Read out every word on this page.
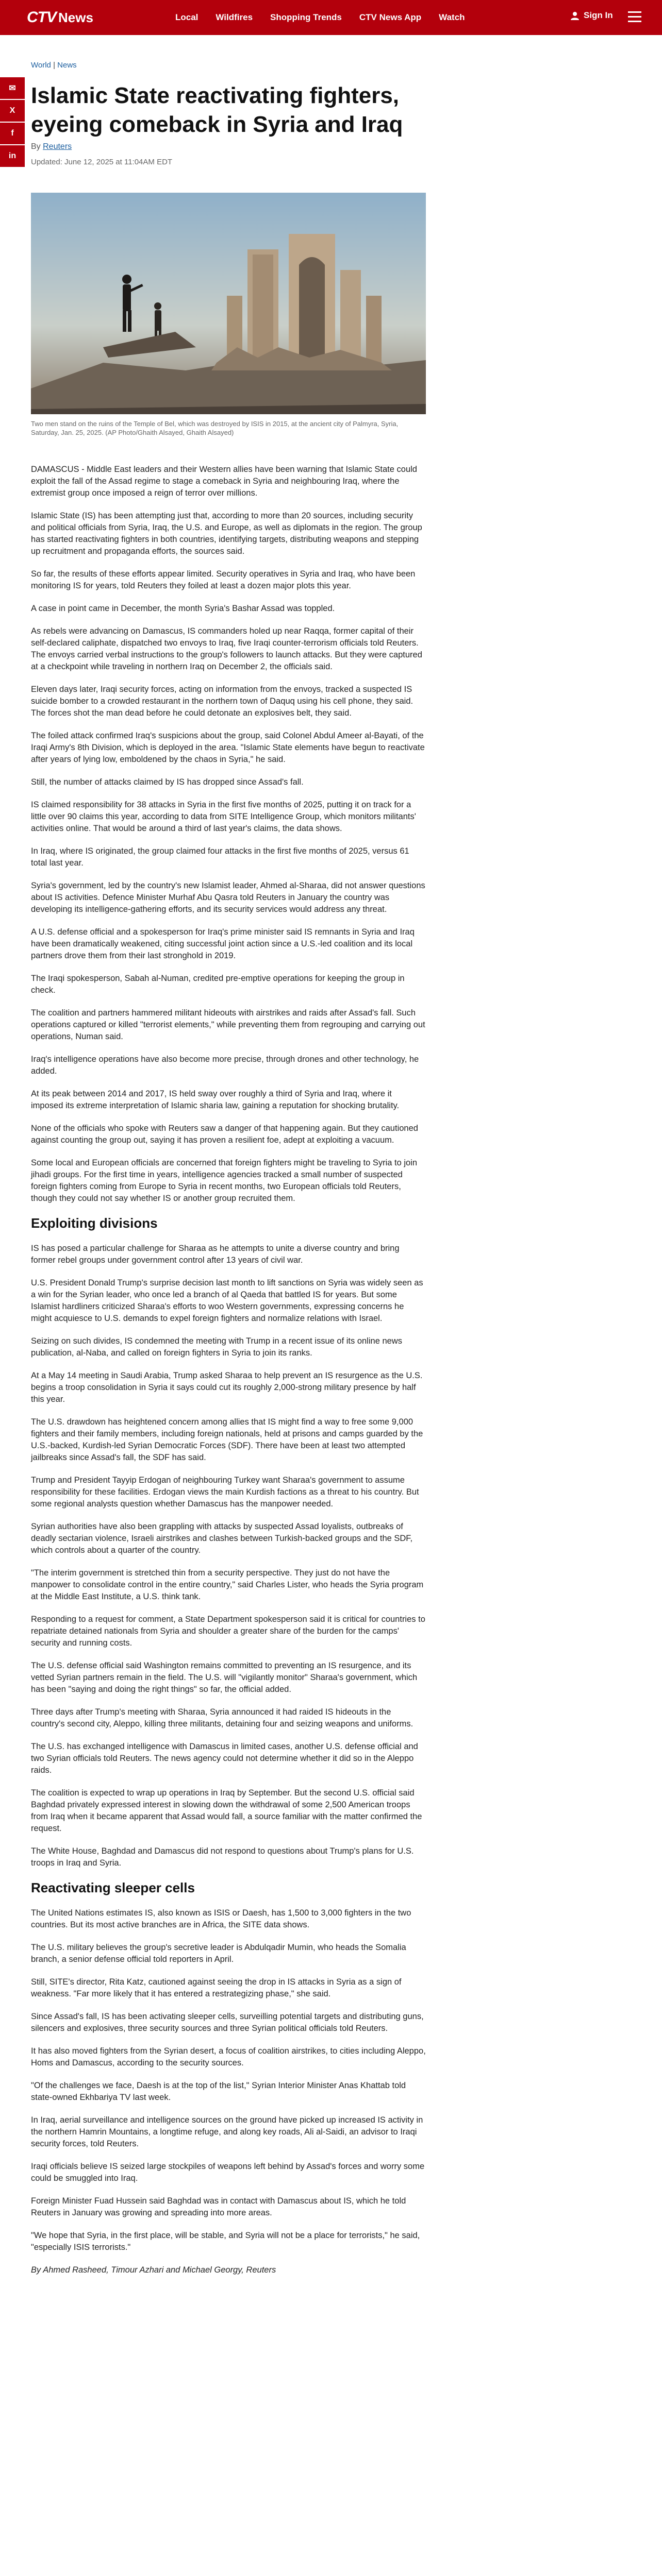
CTV News	Local Wildfires Shopping Trends CTV News App Watch	Sign In
World | News
✉
X
f
in
Islamic State reactivating fighters, eyeing comeback in Syria and Iraq
By Reuters
Updated: June 12, 2025 at 11:04AM EDT
Two men stand on the ruins of the Temple of Bel, which was destroyed by ISIS in 2015, at the ancient city of Palmyra, Syria, Saturday, Jan. 25, 2025. (AP Photo/Ghaith Alsayed, Ghaith Alsayed)

DAMASCUS - Middle East leaders and their Western allies have been warning that Islamic State could exploit the fall of the Assad regime to stage a comeback in Syria and neighbouring Iraq, where the extremist group once imposed a reign of terror over millions.

Islamic State (IS) has been attempting just that, according to more than 20 sources, including security and political officials from Syria, Iraq, the U.S. and Europe, as well as diplomats in the region. The group has started reactivating fighters in both countries, identifying targets, distributing weapons and stepping up recruitment and propaganda efforts, the sources said.

So far, the results of these efforts appear limited. Security operatives in Syria and Iraq, who have been monitoring IS for years, told Reuters they foiled at least a dozen major plots this year.

A case in point came in December, the month Syria's Bashar Assad was toppled.

As rebels were advancing on Damascus, IS commanders holed up near Raqqa, former capital of their self-declared caliphate, dispatched two envoys to Iraq, five Iraqi counter-terrorism officials told Reuters. The envoys carried verbal instructions to the group's followers to launch attacks. But they were captured at a checkpoint while traveling in northern Iraq on December 2, the officials said.

Eleven days later, Iraqi security forces, acting on information from the envoys, tracked a suspected IS suicide bomber to a crowded restaurant in the northern town of Daquq using his cell phone, they said. The forces shot the man dead before he could detonate an explosives belt, they said.

The foiled attack confirmed Iraq's suspicions about the group, said Colonel Abdul Ameer al-Bayati, of the Iraqi Army's 8th Division, which is deployed in the area. "Islamic State elements have begun to reactivate after years of lying low, emboldened by the chaos in Syria," he said.

Still, the number of attacks claimed by IS has dropped since Assad's fall.

IS claimed responsibility for 38 attacks in Syria in the first five months of 2025, putting it on track for a little over 90 claims this year, according to data from SITE Intelligence Group, which monitors militants' activities online. That would be around a third of last year's claims, the data shows.

In Iraq, where IS originated, the group claimed four attacks in the first five months of 2025, versus 61 total last year.

Syria's government, led by the country's new Islamist leader, Ahmed al-Sharaa, did not answer questions about IS activities. Defence Minister Murhaf Abu Qasra told Reuters in January the country was developing its intelligence-gathering efforts, and its security services would address any threat.

A U.S. defense official and a spokesperson for Iraq's prime minister said IS remnants in Syria and Iraq have been dramatically weakened, citing successful joint action since a U.S.-led coalition and its local partners drove them from their last stronghold in 2019.

The Iraqi spokesperson, Sabah al-Numan, credited pre-emptive operations for keeping the group in check.

The coalition and partners hammered militant hideouts with airstrikes and raids after Assad's fall. Such operations captured or killed "terrorist elements," while preventing them from regrouping and carrying out operations, Numan said.

Iraq's intelligence operations have also become more precise, through drones and other technology, he added.

At its peak between 2014 and 2017, IS held sway over roughly a third of Syria and Iraq, where it imposed its extreme interpretation of Islamic sharia law, gaining a reputation for shocking brutality.

None of the officials who spoke with Reuters saw a danger of that happening again. But they cautioned against counting the group out, saying it has proven a resilient foe, adept at exploiting a vacuum.

Some local and European officials are concerned that foreign fighters might be traveling to Syria to join jihadi groups. For the first time in years, intelligence agencies tracked a small number of suspected foreign fighters coming from Europe to Syria in recent months, two European officials told Reuters, though they could not say whether IS or another group recruited them.

Exploiting divisions

IS has posed a particular challenge for Sharaa as he attempts to unite a diverse country and bring former rebel groups under government control after 13 years of civil war.

U.S. President Donald Trump's surprise decision last month to lift sanctions on Syria was widely seen as a win for the Syrian leader, who once led a branch of al Qaeda that battled IS for years. But some Islamist hardliners criticized Sharaa's efforts to woo Western governments, expressing concerns he might acquiesce to U.S. demands to expel foreign fighters and normalize relations with Israel.

Seizing on such divides, IS condemned the meeting with Trump in a recent issue of its online news publication, al-Naba, and called on foreign fighters in Syria to join its ranks.

At a May 14 meeting in Saudi Arabia, Trump asked Sharaa to help prevent an IS resurgence as the U.S. begins a troop consolidation in Syria it says could cut its roughly 2,000-strong military presence by half this year.

The U.S. drawdown has heightened concern among allies that IS might find a way to free some 9,000 fighters and their family members, including foreign nationals, held at prisons and camps guarded by the U.S.-backed, Kurdish-led Syrian Democratic Forces (SDF). There have been at least two attempted jailbreaks since Assad's fall, the SDF has said.

Trump and President Tayyip Erdogan of neighbouring Turkey want Sharaa's government to assume responsibility for these facilities. Erdogan views the main Kurdish factions as a threat to his country. But some regional analysts question whether Damascus has the manpower needed.

Syrian authorities have also been grappling with attacks by suspected Assad loyalists, outbreaks of deadly sectarian violence, Israeli airstrikes and clashes between Turkish-backed groups and the SDF, which controls about a quarter of the country.

"The interim government is stretched thin from a security perspective. They just do not have the manpower to consolidate control in the entire country," said Charles Lister, who heads the Syria program at the Middle East Institute, a U.S. think tank.

Responding to a request for comment, a State Department spokesperson said it is critical for countries to repatriate detained nationals from Syria and shoulder a greater share of the burden for the camps' security and running costs.

The U.S. defense official said Washington remains committed to preventing an IS resurgence, and its vetted Syrian partners remain in the field. The U.S. will "vigilantly monitor" Sharaa's government, which has been "saying and doing the right things" so far, the official added.

Three days after Trump's meeting with Sharaa, Syria announced it had raided IS hideouts in the country's second city, Aleppo, killing three militants, detaining four and seizing weapons and uniforms.

The U.S. has exchanged intelligence with Damascus in limited cases, another U.S. defense official and two Syrian officials told Reuters. The news agency could not determine whether it did so in the Aleppo raids.

The coalition is expected to wrap up operations in Iraq by September. But the second U.S. official said Baghdad privately expressed interest in slowing down the withdrawal of some 2,500 American troops from Iraq when it became apparent that Assad would fall, a source familiar with the matter confirmed the request.

The White House, Baghdad and Damascus did not respond to questions about Trump's plans for U.S. troops in Iraq and Syria.

Reactivating sleeper cells

The United Nations estimates IS, also known as ISIS or Daesh, has 1,500 to 3,000 fighters in the two countries. But its most active branches are in Africa, the SITE data shows.

The U.S. military believes the group's secretive leader is Abdulqadir Mumin, who heads the Somalia branch, a senior defense official told reporters in April.

Still, SITE's director, Rita Katz, cautioned against seeing the drop in IS attacks in Syria as a sign of weakness. "Far more likely that it has entered a restrategizing phase," she said.

Since Assad's fall, IS has been activating sleeper cells, surveilling potential targets and distributing guns, silencers and explosives, three security sources and three Syrian political officials told Reuters.

It has also moved fighters from the Syrian desert, a focus of coalition airstrikes, to cities including Aleppo, Homs and Damascus, according to the security sources.

"Of the challenges we face, Daesh is at the top of the list," Syrian Interior Minister Anas Khattab told state-owned Ekhbariya TV last week.

In Iraq, aerial surveillance and intelligence sources on the ground have picked up increased IS activity in the northern Hamrin Mountains, a longtime refuge, and along key roads, Ali al-Saidi, an advisor to Iraqi security forces, told Reuters.

Iraqi officials believe IS seized large stockpiles of weapons left behind by Assad's forces and worry some could be smuggled into Iraq.

Foreign Minister Fuad Hussein said Baghdad was in contact with Damascus about IS, which he told Reuters in January was growing and spreading into more areas.

"We hope that Syria, in the first place, will be stable, and Syria will not be a place for terrorists," he said, "especially ISIS terrorists."

By Ahmed Rasheed, Timour Azhari and Michael Georgy, Reuters
